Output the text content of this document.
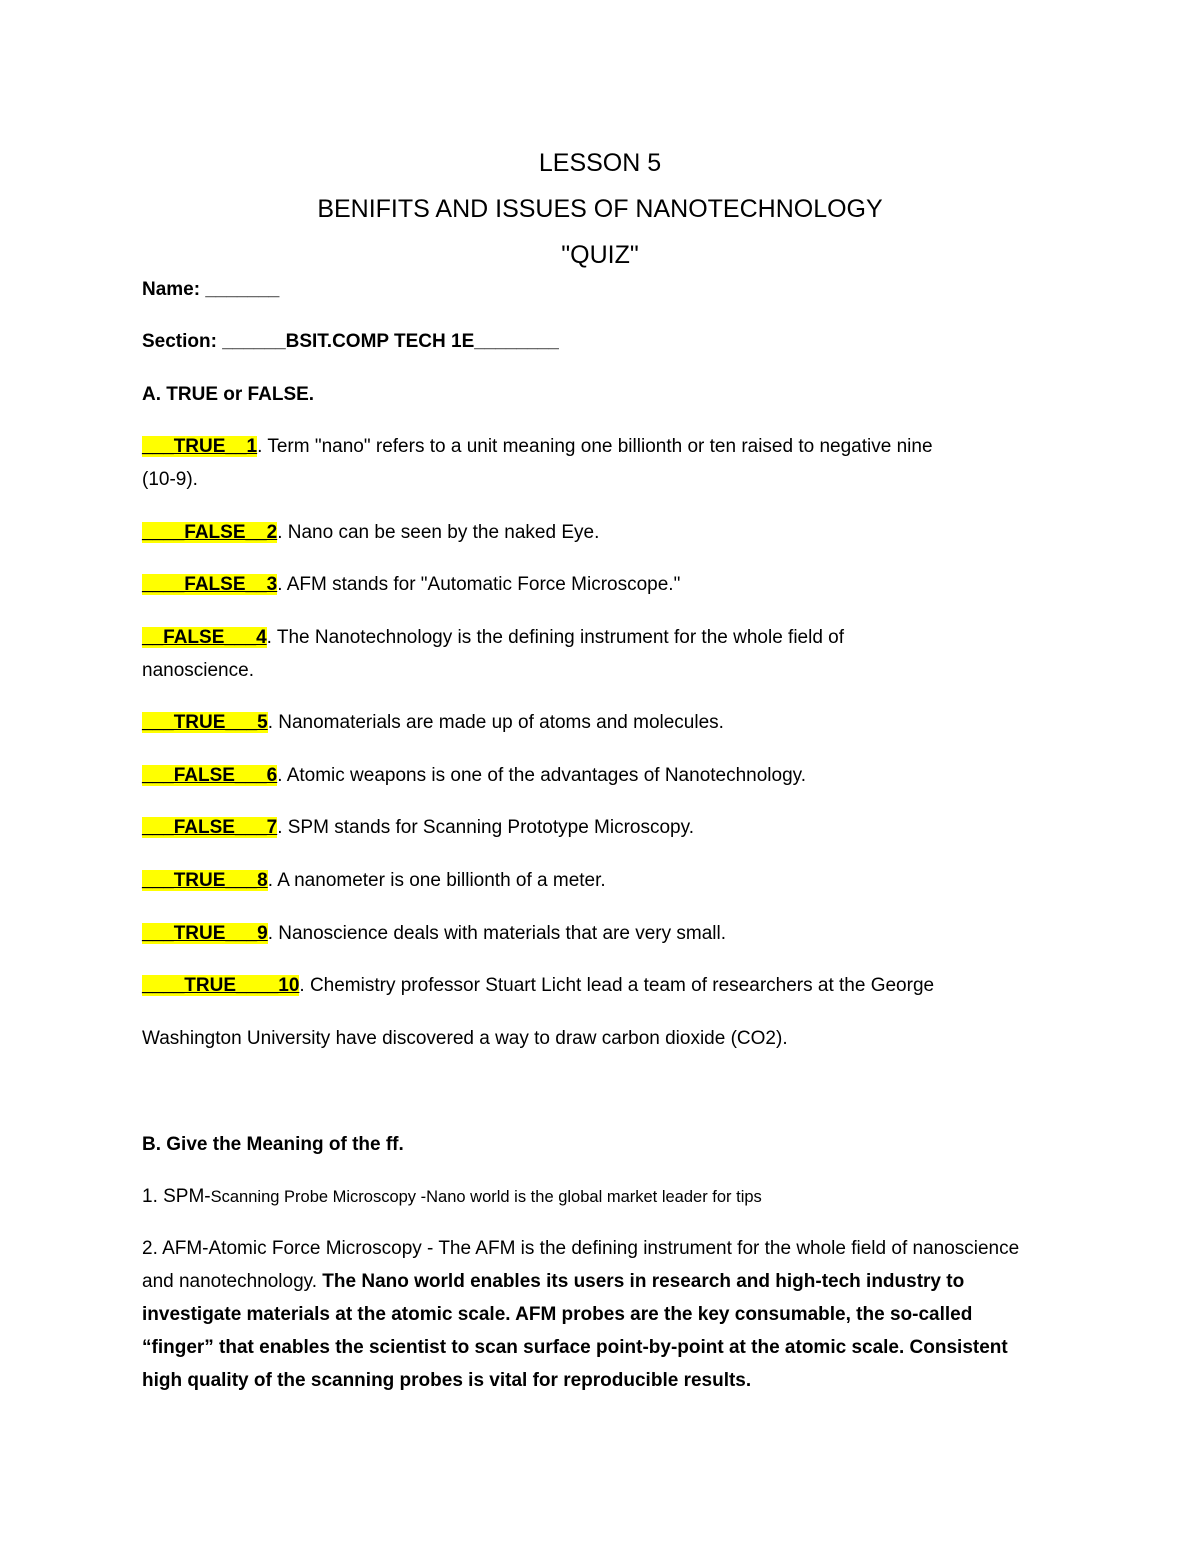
LESSON 5
BENIFITS AND ISSUES OF NANOTECHNOLOGY
"QUIZ"
Name: _______
Section: ______BSIT.COMP TECH 1E________
A. TRUE or FALSE.
___TRUE__1. Term "nano" refers to a unit meaning one billionth or ten raised to negative nine
(10-9).
____FALSE__2. Nano can be seen by the naked Eye.
____FALSE__3. AFM stands for "Automatic Force Microscope."
__FALSE___4. The Nanotechnology is the defining instrument for the whole field of
nanoscience.
___TRUE___5. Nanomaterials are made up of atoms and molecules.
___FALSE___6. Atomic weapons is one of the advantages of Nanotechnology.
___FALSE___7. SPM stands for Scanning Prototype Microscopy.
___TRUE___8. A nanometer is one billionth of a meter.
___TRUE___9. Nanoscience deals with materials that are very small.
____TRUE____10. Chemistry professor Stuart Licht lead a team of researchers at the George
Washington University have discovered a way to draw carbon dioxide (CO2).
B. Give the Meaning of the ff.
1. SPM-Scanning Probe Microscopy -Nano world is the global market leader for tips
2. AFM-Atomic Force Microscopy - The AFM is the defining instrument for the whole field of nanoscience and nanotechnology. The Nano world enables its users in research and high-tech industry to investigate materials at the atomic scale. AFM probes are the key consumable, the so-called “finger” that enables the scientist to scan surface point-by-point at the atomic scale. Consistent high quality of the scanning probes is vital for reproducible results.
